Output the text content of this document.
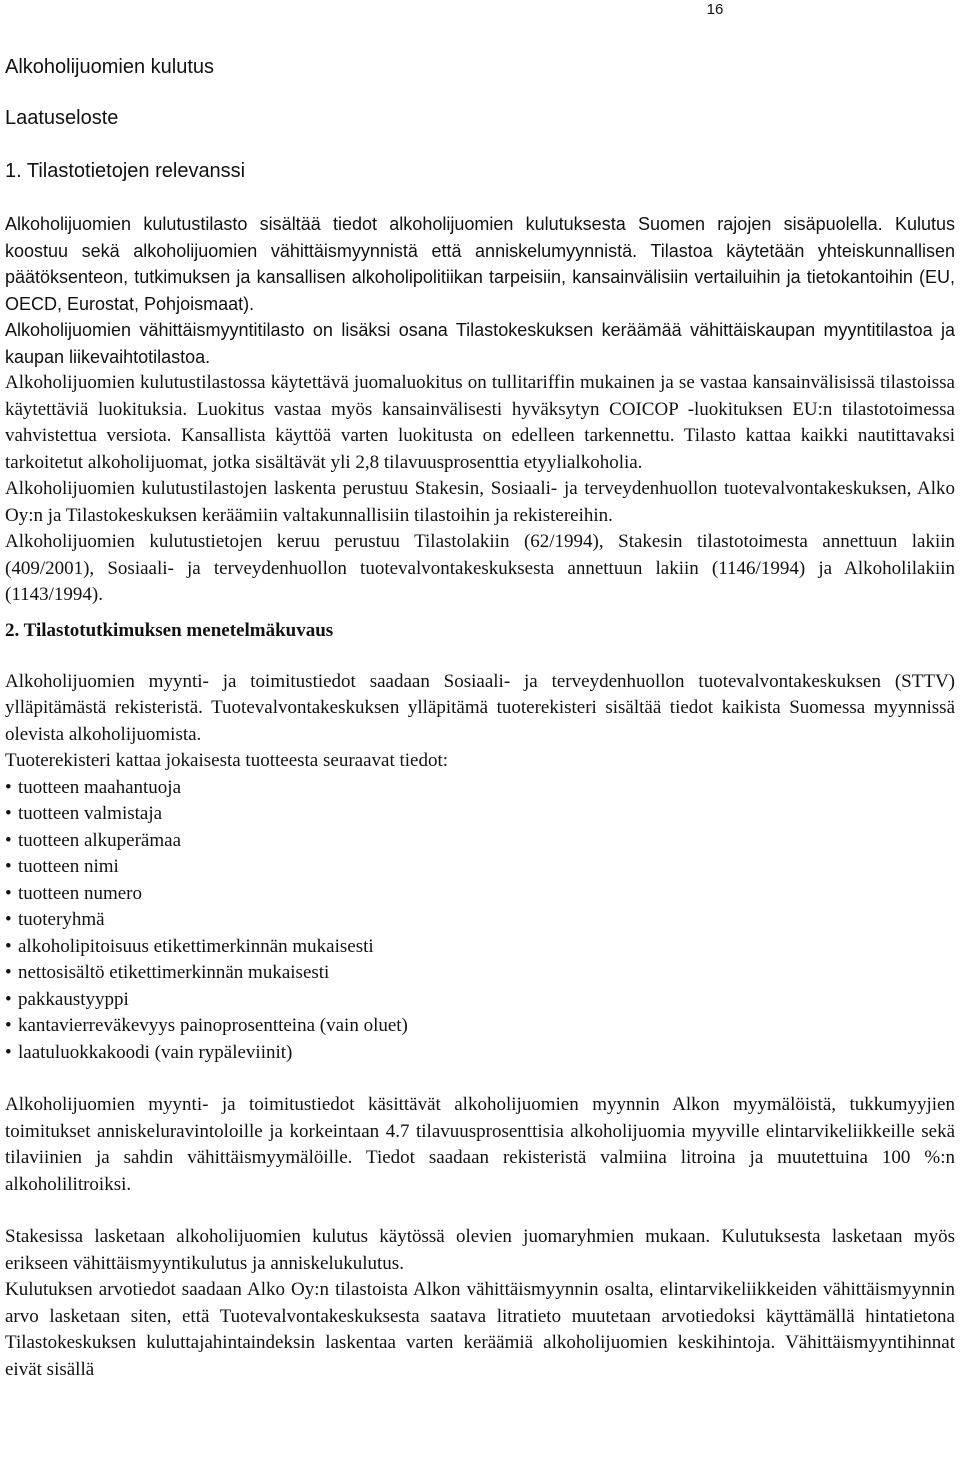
16
Alkoholijuomien kulutus
Laatuseloste
1. Tilastotietojen relevanssi

Alkoholijuomien kulutustilasto sisältää tiedot alkoholijuomien kulutuksesta Suomen rajojen sisäpuolella. Kulutus koostuu sekä alkoholijuomien vähittäismyynnistä että anniskelumyynnistä. Tilastoa käytetään yhteiskunnallisen päätöksenteon, tutkimuksen ja kansallisen alkoholipolitiikan tarpeisiin, kansainvälisiin vertailuihin ja tietokantoihin (EU, OECD, Eurostat, Pohjoismaat).

Alkoholijuomien vähittäismyyntitilasto on lisäksi osana Tilastokeskuksen keräämää vähittäiskaupan myyntitilastoa ja kaupan liikevaihtotilastoa.

Alkoholijuomien kulutustilastossa käytettävä juomaluokitus on tullitariffin mukainen ja se vastaa kansainvälisissä tilastoissa käytettäviä luokituksia. Luokitus vastaa myös kansainvälisesti hyväksytyn COICOP -luokituksen EU:n tilastotoimessa vahvistettua versiota. Kansallista käyttöä varten luokitusta on edelleen tarkennettu. Tilasto kattaa kaikki nautittavaksi tarkoitetut alkoholijuomat, jotka sisältävät yli 2,8 tilavuusprosenttia etyylialkoholia.

Alkoholijuomien kulutustilastojen laskenta perustuu Stakesin, Sosiaali- ja terveydenhuollon tuotevalvontakeskuksen, Alko Oy:n ja Tilastokeskuksen keräämiin valtakunnallisiin tilastoihin ja rekistereihin.

Alkoholijuomien kulutustietojen keruu perustuu Tilastolakiin (62/1994), Stakesin tilastotoimesta annettuun lakiin (409/2001), Sosiaali- ja terveydenhuollon tuotevalvontakeskuksesta annettuun lakiin (1146/1994) ja Alkoholilakiin (1143/1994).

2. Tilastotutkimuksen menetelmäkuvaus

Alkoholijuomien myynti- ja toimitustiedot saadaan Sosiaali- ja terveydenhuollon tuotevalvontakeskuksen (STTV) ylläpitämästä rekisteristä. Tuotevalvontakeskuksen ylläpitämä tuoterekisteri sisältää tiedot kaikista Suomessa myynnissä olevista alkoholijuomista.

Tuoterekisteri kattaa jokaisesta tuotteesta seuraavat tiedot:

• tuotteen maahantuoja
• tuotteen valmistaja
• tuotteen alkuperämaa
• tuotteen nimi
• tuotteen numero
• tuoteryhmä
• alkoholipitoisuus etikettimerkinnän mukaisesti
• nettosisältö etikettimerkinnän mukaisesti
• pakkaustyyppi
• kantavierreväkevyys painoprosentteina (vain oluet)
• laatuluokkakoodi (vain rypäleviinit)

Alkoholijuomien myynti- ja toimitustiedot käsittävät alkoholijuomien myynnin Alkon myymälöistä, tukkumyyjien toimitukset anniskeluravintoloille ja korkeintaan 4.7 tilavuusprosenttisia alkoholijuomia myyville elintarvikeliikkeille sekä tilaviinien ja sahdin vähittäismyymälöille. Tiedot saadaan rekisteristä valmiina litroina ja muutettuina 100 %:n alkoholilitroiksi.

Stakesissa lasketaan alkoholijuomien kulutus käytössä olevien juomaryhmien mukaan. Kulutuksesta lasketaan myös erikseen vähittäismyyntikulutus ja anniskelukulutus.

Kulutuksen arvotiedot saadaan Alko Oy:n tilastoista Alkon vähittäismyynnin osalta, elintarvikeliikkeiden vähittäismyynnin arvo lasketaan siten, että Tuotevalvontakeskuksesta saatava litratieto muutetaan arvotiedoksi käyttämällä hintatietona Tilastokeskuksen kuluttajahintaindeksin laskentaa varten keräämiä alkoholijuomien keskihintoja. Vähittäismyyntihinnat eivät sisällä
